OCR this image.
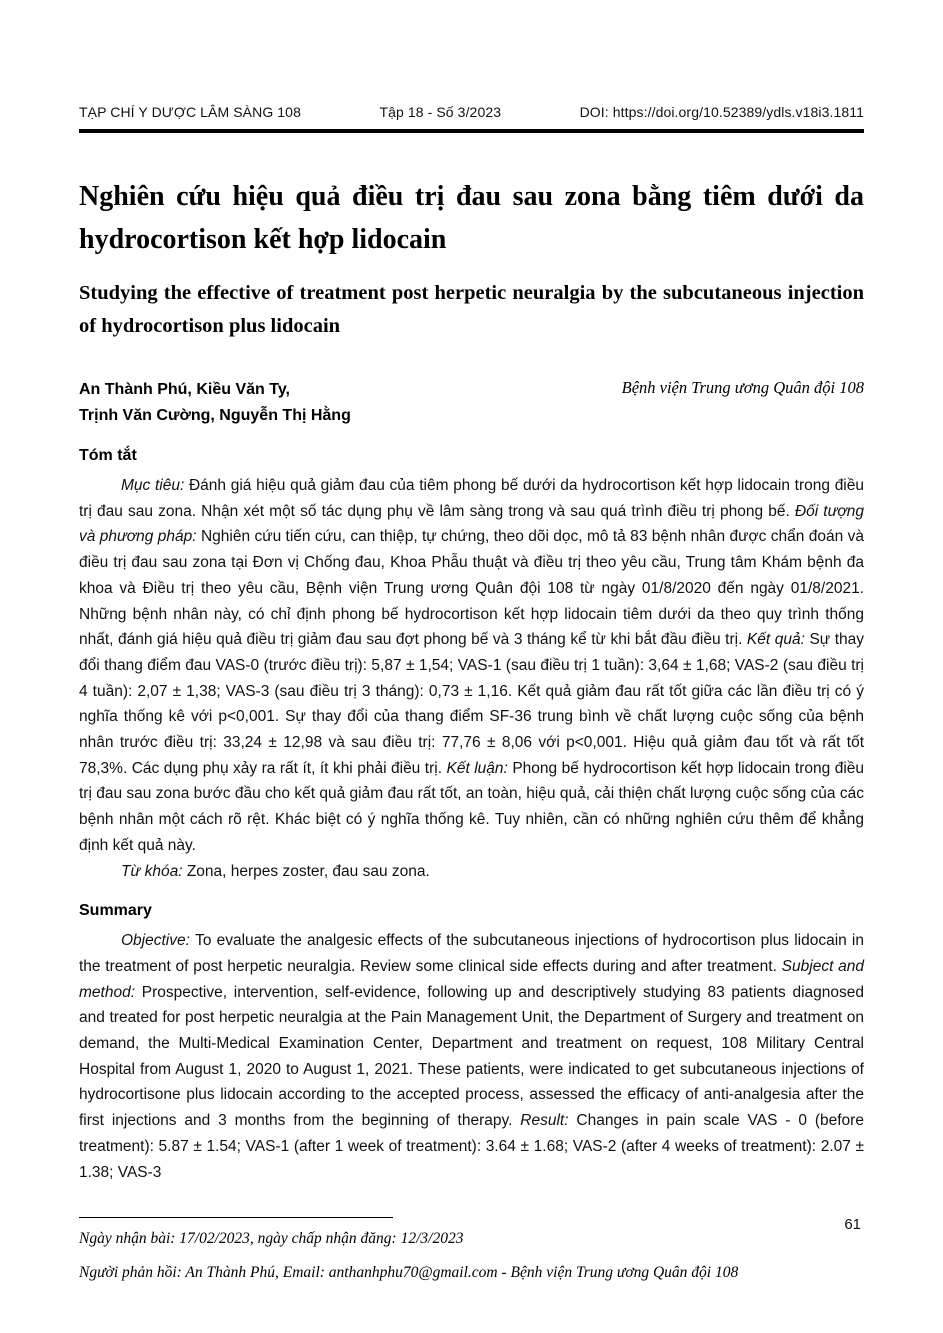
TẠP CHÍ Y DƯỢC LÂM SÀNG 108	Tập 18 - Số 3/2023	DOI: https://doi.org/10.52389/ydls.v18i3.1811
Nghiên cứu hiệu quả điều trị đau sau zona bằng tiêm dưới da hydrocortison kết hợp lidocain
Studying the effective of treatment post herpetic neuralgia by the subcutaneous injection of hydrocortison plus lidocain
An Thành Phú, Kiều Văn Ty,
Trịnh Văn Cường, Nguyễn Thị Hằng
Bệnh viện Trung ương Quân đội 108
Tóm tắt

Mục tiêu: Đánh giá hiệu quả giảm đau của tiêm phong bế dưới da hydrocortison kết hợp lidocain trong điều trị đau sau zona. Nhận xét một số tác dụng phụ về lâm sàng trong và sau quá trình điều trị phong bế. Đối tượng và phương pháp: Nghiên cứu tiến cứu, can thiệp, tự chứng, theo dõi dọc, mô tả 83 bệnh nhân được chẩn đoán và điều trị đau sau zona tại Đơn vị Chống đau, Khoa Phẫu thuật và điều trị theo yêu cầu, Trung tâm Khám bệnh đa khoa và Điều trị theo yêu cầu, Bệnh viện Trung ương Quân đội 108 từ ngày 01/8/2020 đến ngày 01/8/2021. Những bệnh nhân này, có chỉ định phong bế hydrocortison kết hợp lidocain tiêm dưới da theo quy trình thống nhất, đánh giá hiệu quả điều trị giảm đau sau đợt phong bế và 3 tháng kể từ khi bắt đầu điều trị. Kết quả: Sự thay đổi thang điểm đau VAS-0 (trước điều trị): 5,87 ± 1,54; VAS-1 (sau điều trị 1 tuần): 3,64 ± 1,68; VAS-2 (sau điều trị 4 tuần): 2,07 ± 1,38; VAS-3 (sau điều trị 3 tháng): 0,73 ± 1,16. Kết quả giảm đau rất tốt giữa các lần điều trị có ý nghĩa thống kê với p<0,001. Sự thay đổi của thang điểm SF-36 trung bình về chất lượng cuộc sống của bệnh nhân trước điều trị: 33,24 ± 12,98 và sau điều trị: 77,76 ± 8,06 với p<0,001. Hiệu quả giảm đau tốt và rất tốt 78,3%. Các dụng phụ xảy ra rất ít, ít khi phải điều trị. Kết luận: Phong bế hydrocortison kết hợp lidocain trong điều trị đau sau zona bước đầu cho kết quả giảm đau rất tốt, an toàn, hiệu quả, cải thiện chất lượng cuộc sống của các bệnh nhân một cách rõ rệt. Khác biệt có ý nghĩa thống kê. Tuy nhiên, cần có những nghiên cứu thêm để khẳng định kết quả này.

Từ khóa: Zona, herpes zoster, đau sau zona.

Summary

Objective: To evaluate the analgesic effects of the subcutaneous injections of hydrocortison plus lidocain in the treatment of post herpetic neuralgia. Review some clinical side effects during and after treatment. Subject and method: Prospective, intervention, self-evidence, following up and descriptively studying 83 patients diagnosed and treated for post herpetic neuralgia at the Pain Management Unit, the Department of Surgery and treatment on demand, the Multi-Medical Examination Center, Department and treatment on request, 108 Military Central Hospital from August 1, 2020 to August 1, 2021. These patients, were indicated to get subcutaneous injections of hydrocortisone plus lidocain according to the accepted process, assessed the efficacy of anti-analgesia after the first injections and 3 months from the beginning of therapy. Result: Changes in pain scale VAS - 0 (before treatment): 5.87 ± 1.54; VAS-1 (after 1 week of treatment): 3.64 ± 1.68; VAS-2 (after 4 weeks of treatment): 2.07 ± 1.38; VAS-3

Ngày nhận bài: 17/02/2023, ngày chấp nhận đăng: 12/3/2023
Người phản hồi: An Thành Phú, Email: anthanhphu70@gmail.com - Bệnh viện Trung ương Quân đội 108
61
